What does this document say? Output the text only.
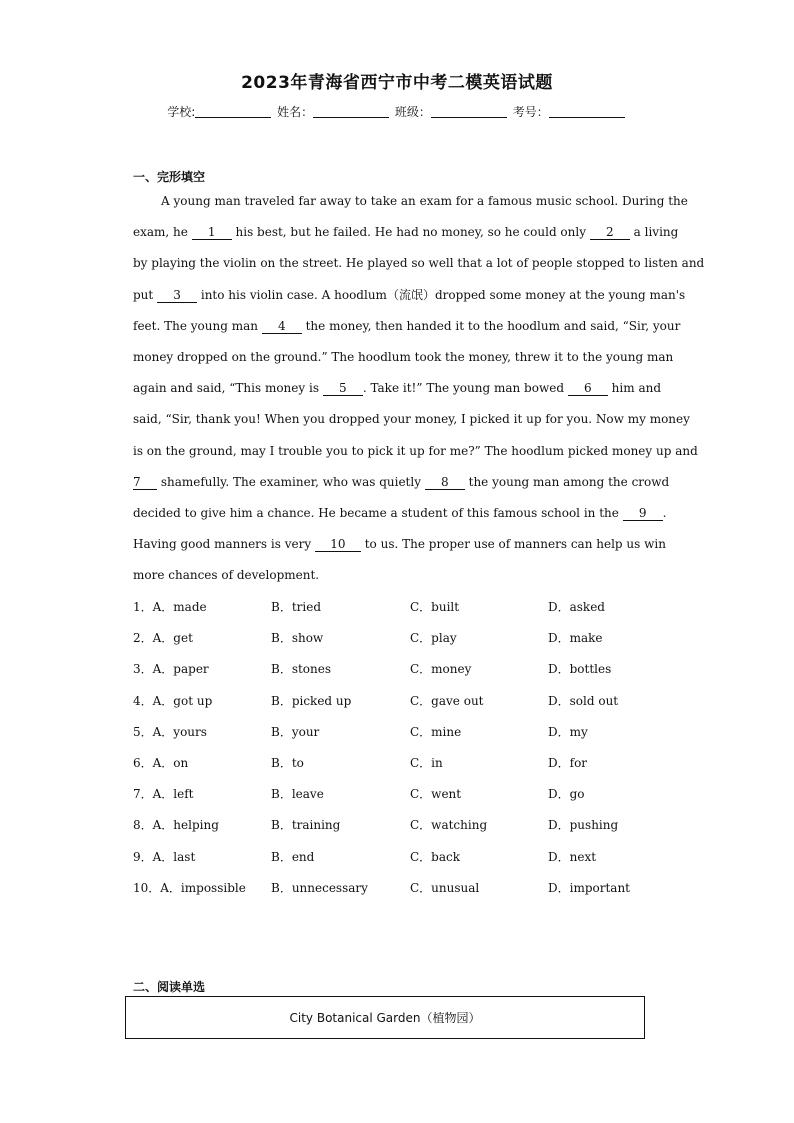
2023年青海省西宁市中考二模英语试题
学校:	姓名：	班级：	考号：
一、完形填空
A young man traveled far away to take an exam for a famous music school. During the
exam, he 1 his best, but he failed. He had no money, so he could only 2 a living
by playing the violin on the street. He played so well that a lot of people stopped to listen and
put 3 into his violin case. A hoodlum（流氓）dropped some money at the young man's
feet. The young man 4 the money, then handed it to the hoodlum and said, “Sir, your
money dropped on the ground.” The hoodlum took the money, threw it to the young man
again and said, “This money is 5 . Take it!” The young man bowed 6 him and
said, “Sir, thank you! When you dropped your money, I picked it up for you. Now my money
is on the ground, may I trouble you to pick it up for me?” The hoodlum picked money up and
7 shamefully. The examiner, who was quietly 8 the young man among the crowd
decided to give him a chance. He became a student of this famous school in the 9 .
Having good manners is very 10 to us. The proper use of manners can help us win
more chances of development.
1．A．made	B．tried	C．built	D．asked
2．A．get	B．show	C．play	D．make
3．A．paper	B．stones	C．money	D．bottles
4．A．got up	B．picked up	C．gave out	D．sold out
5．A．yours	B．your	C．mine	D．my
6．A．on	B．to	C．in	D．for
7．A．left	B．leave	C．went	D．go
8．A．helping	B．training	C．watching	D．pushing
9．A．last	B．end	C．back	D．next
10．A．impossible B．unnecessary	C．unusual	D．important
二、阅读单选
City Botanical Garden（植物园）
